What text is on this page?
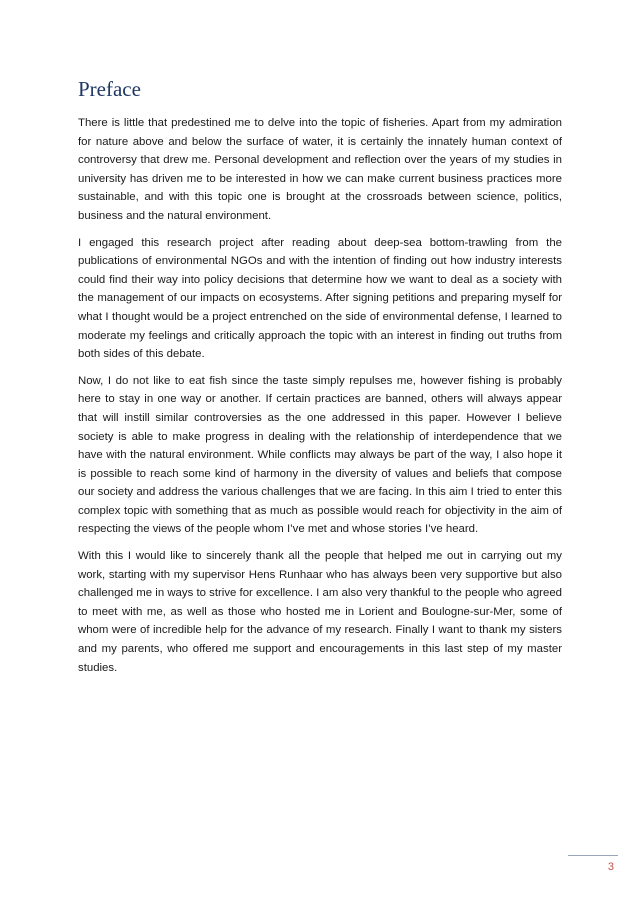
Preface

There is little that predestined me to delve into the topic of fisheries. Apart from my admiration for nature above and below the surface of water, it is certainly the innately human context of controversy that drew me. Personal development and reflection over the years of my studies in university has driven me to be interested in how we can make current business practices more sustainable, and with this topic one is brought at the crossroads between science, politics, business and the natural environment.

I engaged this research project after reading about deep-sea bottom-trawling from the publications of environmental NGOs and with the intention of finding out how industry interests could find their way into policy decisions that determine how we want to deal as a society with the management of our impacts on ecosystems. After signing petitions and preparing myself for what I thought would be a project entrenched on the side of environmental defense, I learned to moderate my feelings and critically approach the topic with an interest in finding out truths from both sides of this debate.

Now, I do not like to eat fish since the taste simply repulses me, however fishing is probably here to stay in one way or another. If certain practices are banned, others will always appear that will instill similar controversies as the one addressed in this paper. However I believe society is able to make progress in dealing with the relationship of interdependence that we have with the natural environment. While conflicts may always be part of the way, I also hope it is possible to reach some kind of harmony in the diversity of values and beliefs that compose our society and address the various challenges that we are facing. In this aim I tried to enter this complex topic with something that as much as possible would reach for objectivity in the aim of respecting the views of the people whom I’ve met and whose stories I’ve heard.

With this I would like to sincerely thank all the people that helped me out in carrying out my work, starting with my supervisor Hens Runhaar who has always been very supportive but also challenged me in ways to strive for excellence. I am also very thankful to the people who agreed to meet with me, as well as those who hosted me in Lorient and Boulogne-sur-Mer, some of whom were of incredible help for the advance of my research. Finally I want to thank my sisters and my parents, who offered me support and encouragements in this last step of my master studies.

3
